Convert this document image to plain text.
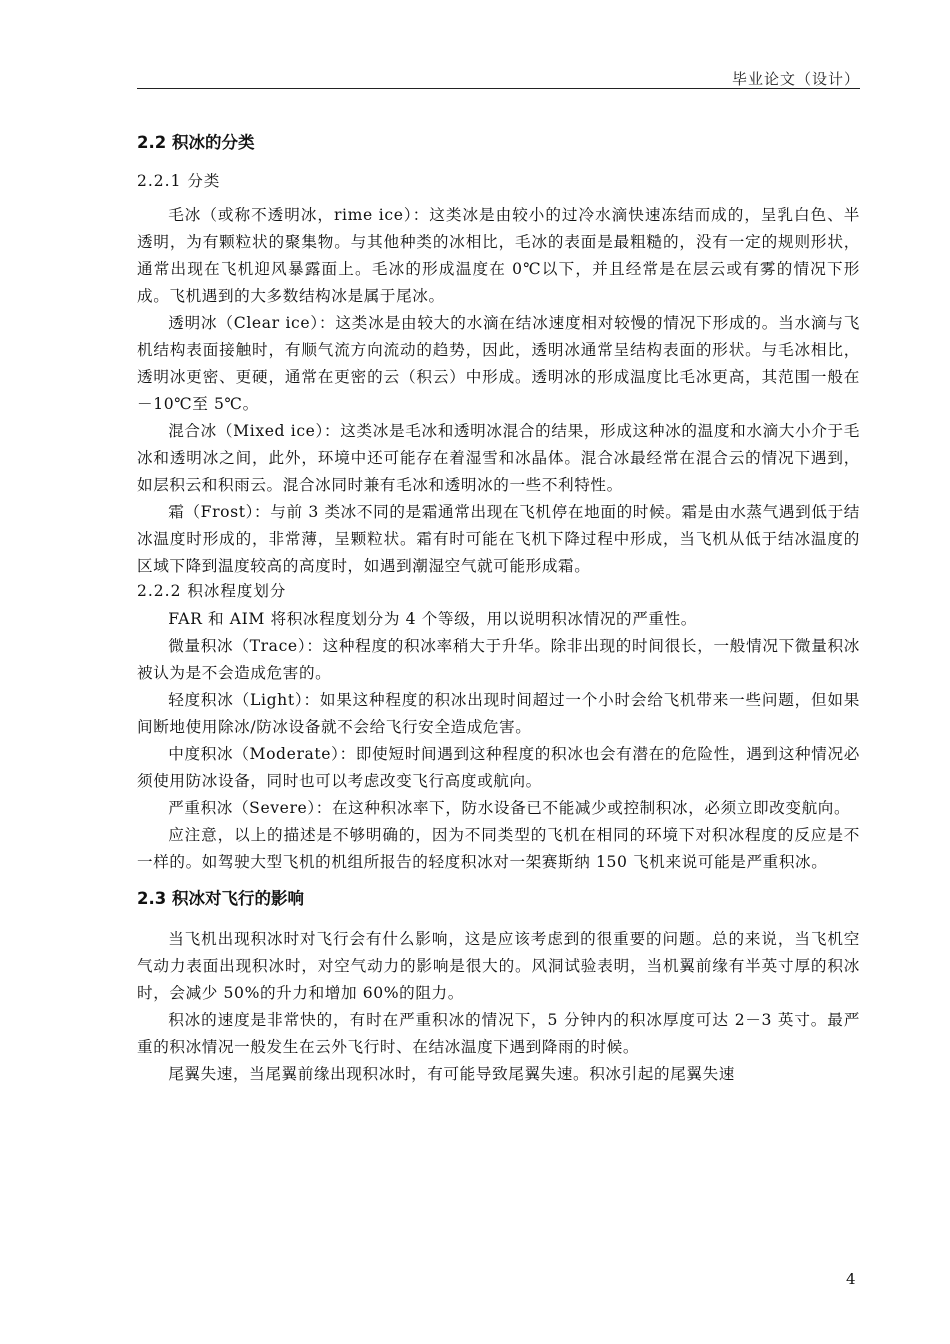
毕业论文（设计）
2.2 积冰的分类
2.2.1 分类

毛冰（或称不透明冰，rime ice）：这类冰是由较小的过冷水滴快速冻结而成的，呈乳白色、半透明，为有颗粒状的聚集物。与其他种类的冰相比，毛冰的表面是最粗糙的，没有一定的规则形状，通常出现在飞机迎风暴露面上。毛冰的形成温度在 0℃以下，并且经常是在层云或有雾的情况下形成。飞机遇到的大多数结构冰是属于尾冰。

透明冰（Clear ice）：这类冰是由较大的水滴在结冰速度相对较慢的情况下形成的。当水滴与飞机结构表面接触时，有顺气流方向流动的趋势，因此，透明冰通常呈结构表面的形状。与毛冰相比，透明冰更密、更硬，通常在更密的云（积云）中形成。透明冰的形成温度比毛冰更高，其范围一般在－10℃至 5℃。

混合冰（Mixed ice）：这类冰是毛冰和透明冰混合的结果，形成这种冰的温度和水滴大小介于毛冰和透明冰之间，此外，环境中还可能存在着湿雪和冰晶体。混合冰最经常在混合云的情况下遇到，如层积云和积雨云。混合冰同时兼有毛冰和透明冰的一些不利特性。

霜（Frost）：与前 3 类冰不同的是霜通常出现在飞机停在地面的时候。霜是由水蒸气遇到低于结冰温度时形成的，非常薄，呈颗粒状。霜有时可能在飞机下降过程中形成，当飞机从低于结冰温度的区域下降到温度较高的高度时，如遇到潮湿空气就可能形成霜。

2.2.2 积冰程度划分

FAR 和 AIM 将积冰程度划分为 4 个等级，用以说明积冰情况的严重性。

微量积冰（Trace）：这种程度的积冰率稍大于升华。除非出现的时间很长，一般情况下微量积冰被认为是不会造成危害的。

轻度积冰（Light）：如果这种程度的积冰出现时间超过一个小时会给飞机带来一些问题，但如果间断地使用除冰/防冰设备就不会给飞行安全造成危害。

中度积冰（Moderate）：即使短时间遇到这种程度的积冰也会有潜在的危险性，遇到这种情况必须使用防冰设备，同时也可以考虑改变飞行高度或航向。

严重积冰（Severe）：在这种积冰率下，防水设备已不能减少或控制积冰，必须立即改变航向。

应注意，以上的描述是不够明确的，因为不同类型的飞机在相同的环境下对积冰程度的反应是不一样的。如驾驶大型飞机的机组所报告的轻度积冰对一架赛斯纳 150 飞机来说可能是严重积冰。

2.3 积冰对飞行的影响

当飞机出现积冰时对飞行会有什么影响，这是应该考虑到的很重要的问题。总的来说，当飞机空气动力表面出现积冰时，对空气动力的影响是很大的。风洞试验表明，当机翼前缘有半英寸厚的积冰时，会减少 50%的升力和增加 60%的阻力。

积冰的速度是非常快的，有时在严重积冰的情况下，5 分钟内的积冰厚度可达 2－3 英寸。最严重的积冰情况一般发生在云外飞行时、在结冰温度下遇到降雨的时候。

尾翼失速，当尾翼前缘出现积冰时，有可能导致尾翼失速。积冰引起的尾翼失速

4
